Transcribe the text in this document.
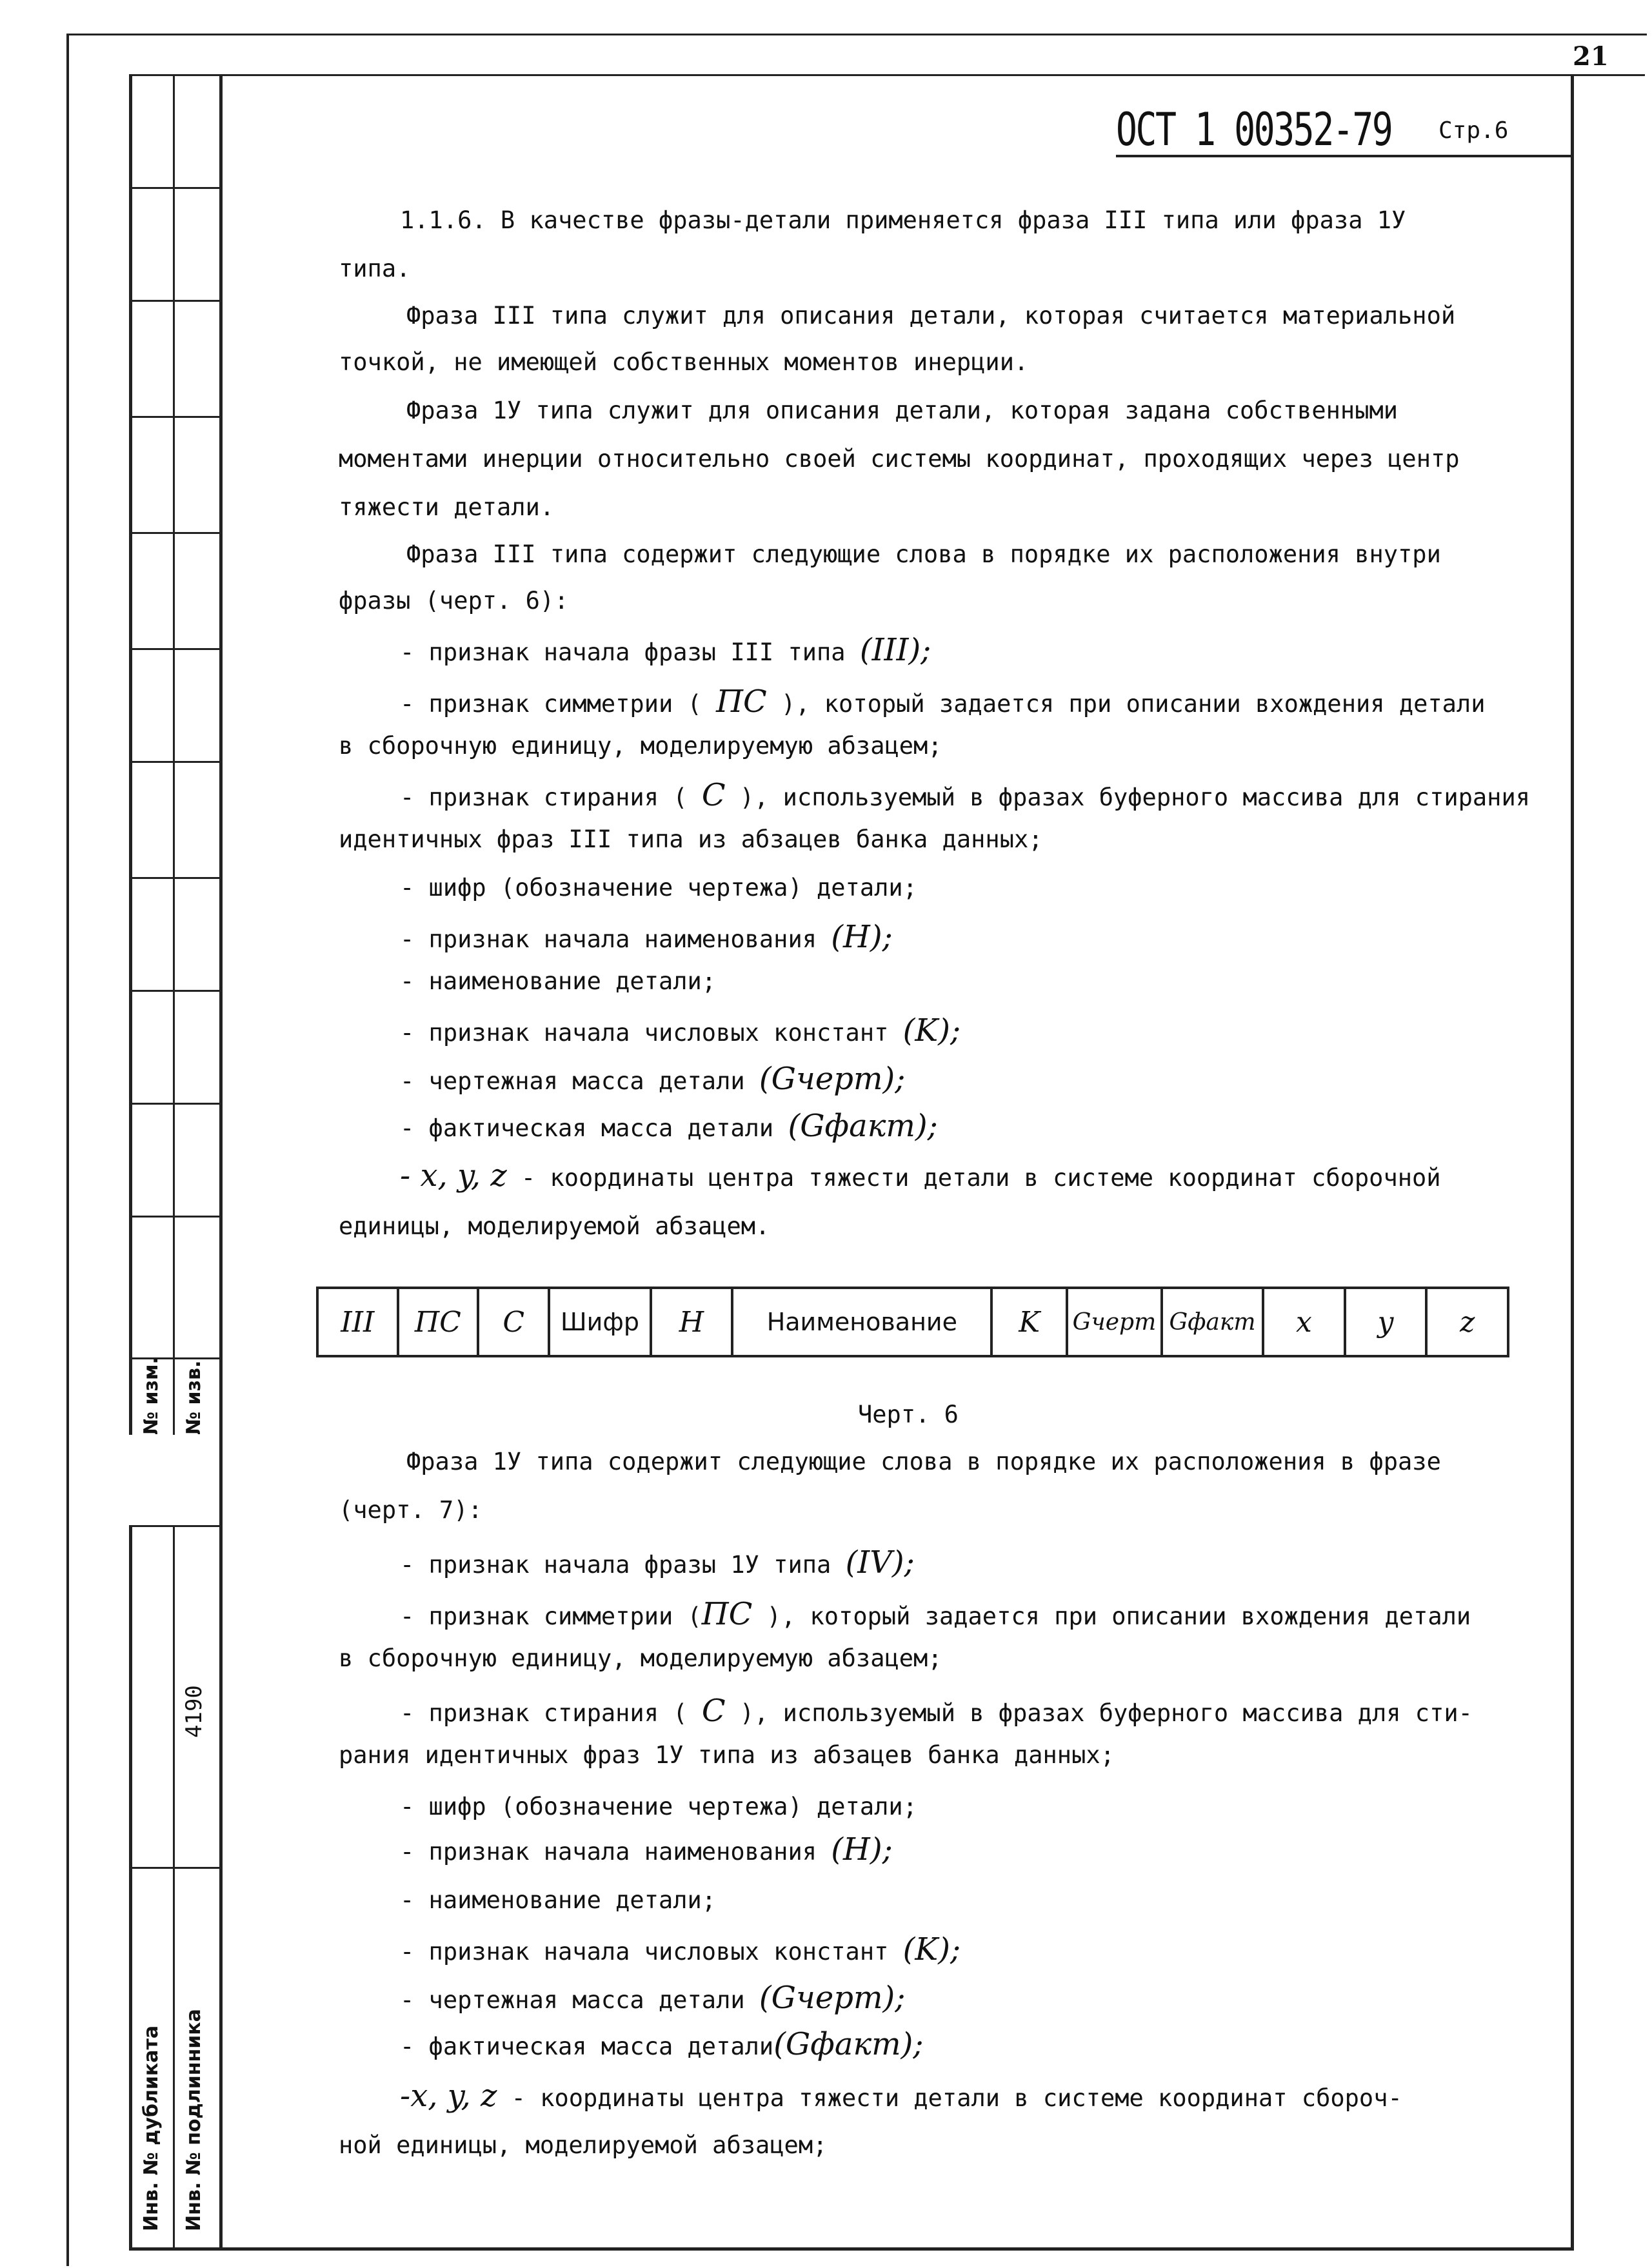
21
№ изм. № изв.
4190
Инв. № дубликата Инв. № подлинника
ОСТ 1 00352-79 Стр.6
1.1.6. В качестве фразы-детали применяется фраза III типа или фраза 1У
типа.
Фраза III типа служит для описания детали, которая считается материальной
точкой, не имеющей собственных моментов инерции.
Фраза 1У типа служит для описания детали, которая задана собственными
моментами инерции относительно своей системы координат, проходящих через центр
тяжести детали.
Фраза III типа содержит следующие слова в порядке их расположения внутри
фразы (черт. 6):
- признак начала фразы III типа (III);
- признак симметрии ( ПС ), который задается при описании вхождения детали
в сборочную единицу, моделируемую абзацем;
- признак стирания ( С ), используемый в фразах буферного массива для стирания
идентичных фраз III типа из абзацев банка данных;
- шифр (обозначение чертежа) детали;
- признак начала наименования (H);
- наименование детали;
- признак начала числовых констант (K);
- чертежная масса детали (Gчерт);
- фактическая масса детали (Gфакт);
- x, y, z - координаты центра тяжести детали в системе координат сборочной
единицы, моделируемой абзацем.
III	ПС	С	Шифр	H	Наименование	K	Gчерт	Gфакт	x	y	z
Черт. 6
Фраза 1У типа содержит следующие слова в порядке их расположения в фразе
(черт. 7):
- признак начала фразы 1У типа (IV);
- признак симметрии (ПС ), который задается при описании вхождения детали
в сборочную единицу, моделируемую абзацем;
- признак стирания ( С ), используемый в фразах буферного массива для сти-
рания идентичных фраз 1У типа из абзацев банка данных;
- шифр (обозначение чертежа) детали;
- признак начала наименования (H);
- наименование детали;
- признак начала числовых констант (K);
- чертежная масса детали (Gчерт);
- фактическая масса детали(Gфакт);
-x, y, z - координаты центра тяжести детали в системе координат сбороч-
ной единицы, моделируемой абзацем;
